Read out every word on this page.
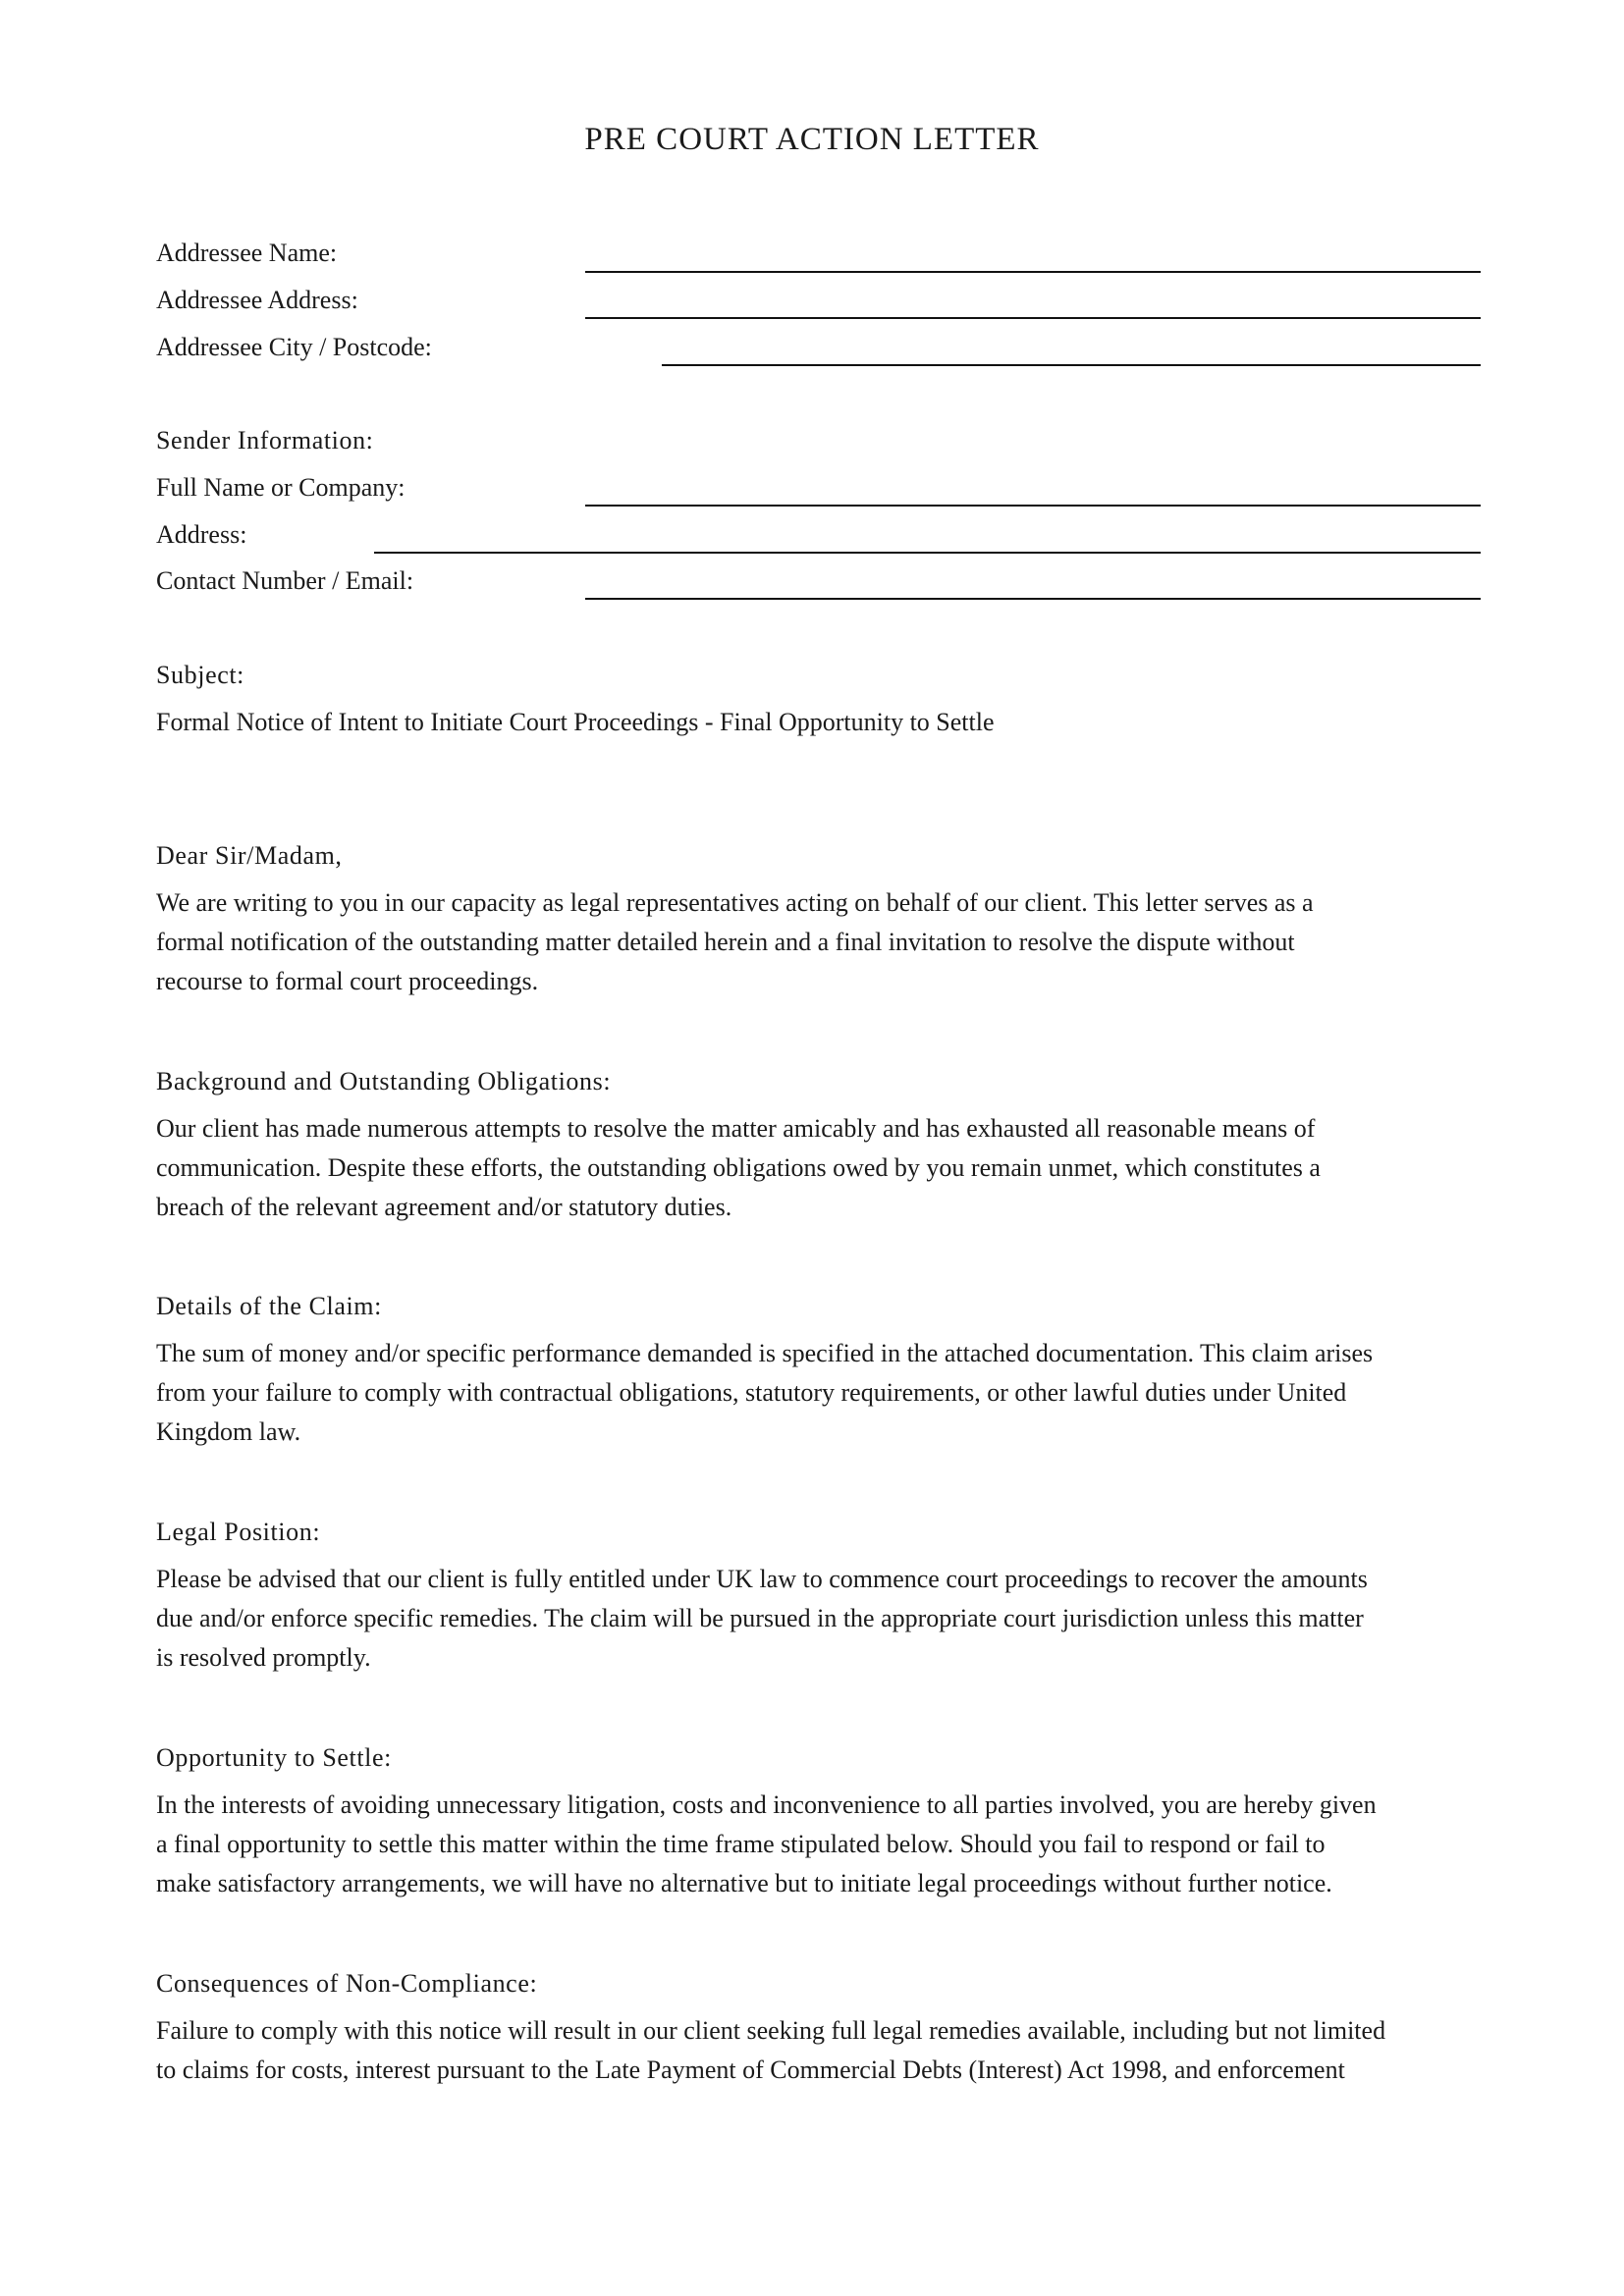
PRE COURT ACTION LETTER
Addressee Name:
Addressee Address:
Addressee City / Postcode:
Sender Information:
Full Name or Company:
Address:
Contact Number / Email:
Subject:
Formal Notice of Intent to Initiate Court Proceedings - Final Opportunity to Settle
Dear Sir/Madam,
We are writing to you in our capacity as legal representatives acting on behalf of our client. This letter serves as a
formal notification of the outstanding matter detailed herein and a final invitation to resolve the dispute without
recourse to formal court proceedings.
Background and Outstanding Obligations:
Our client has made numerous attempts to resolve the matter amicably and has exhausted all reasonable means of
communication. Despite these efforts, the outstanding obligations owed by you remain unmet, which constitutes a
breach of the relevant agreement and/or statutory duties.
Details of the Claim:
The sum of money and/or specific performance demanded is specified in the attached documentation. This claim arises
from your failure to comply with contractual obligations, statutory requirements, or other lawful duties under United
Kingdom law.
Legal Position:
Please be advised that our client is fully entitled under UK law to commence court proceedings to recover the amounts
due and/or enforce specific remedies. The claim will be pursued in the appropriate court jurisdiction unless this matter
is resolved promptly.
Opportunity to Settle:
In the interests of avoiding unnecessary litigation, costs and inconvenience to all parties involved, you are hereby given
a final opportunity to settle this matter within the time frame stipulated below. Should you fail to respond or fail to
make satisfactory arrangements, we will have no alternative but to initiate legal proceedings without further notice.
Consequences of Non-Compliance:
Failure to comply with this notice will result in our client seeking full legal remedies available, including but not limited
to claims for costs, interest pursuant to the Late Payment of Commercial Debts (Interest) Act 1998, and enforcement
